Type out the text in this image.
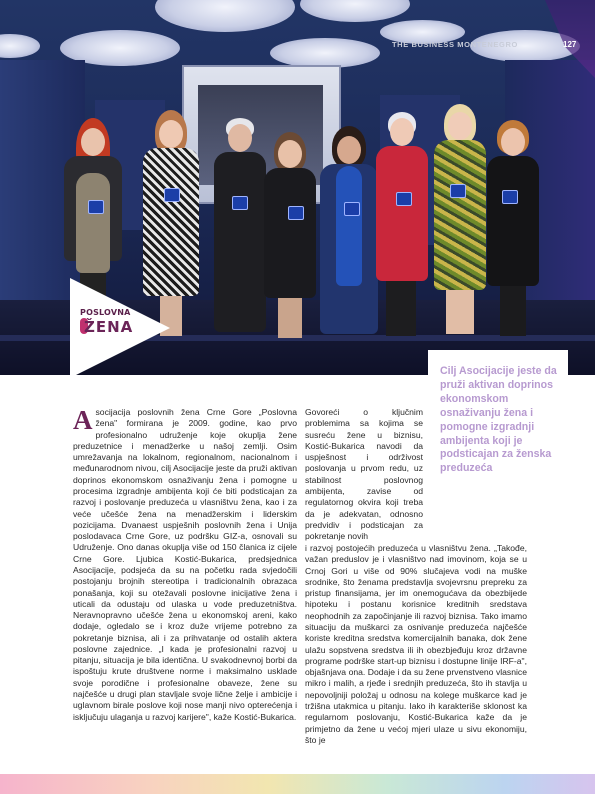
THE BUSINESS MONTENEGRO	127
POSLOVNA
ŽENA
Cilj Asocijacije jeste da pruži aktivan doprinos ekonomskom osnaživanju žena i pomogne izgradnji ambijenta koji je podsticajan za ženska preduzeća
Asocijacija poslovnih žena Crne Gore „Poslovna žena" formirana je 2009. godine, kao prvo profesionalno udruženje koje okuplja žene preduzetnice i menadžerke u našoj zemlji. Osim umrežavanja na lokalnom, regionalnom, nacionalnom i međunarodnom nivou, cilj Asocijacije jeste da pruži aktivan doprinos ekonomskom osnaživanju žena i pomogne u procesima izgradnje ambijenta koji će biti podsticajan za razvoj i poslovanje preduzeća u vlasništvu žena, kao i za veće učešće žena na menadžerskim i liderskim pozicijama. Dvanaest uspješnih poslovnih žena i Unija poslodavaca Crne Gore, uz podršku GIZ-a, osnovali su Udruženje. Ono danas okuplja više od 150 članica iz cijele Crne Gore. Ljubica Kostić-Bukarica, predsjednica Asocijacije, podsjeća da su na početku rada svjedočili postojanju brojnih stereotipa i tradicionalnih obrazaca ponašanja, koji su otežavali poslovne inicijative žena i uticali da odustaju od ulaska u vode preduzetništva. Neravnopravno učešće žena u ekonomskoj areni, kako dodaje, ogledalo se i kroz duže vrijeme potrebno za pokretanje biznisa, ali i za prihvatanje od ostalih aktera poslovne zajednice. „I kada je profesionalni razvoj u pitanju, situacija je bila identična. U svakodnevnoj borbi da ispoštuju krute društvene norme i maksimalno usklade svoje porodične i profesionalne obaveze, žene su najčešće u drugi plan stavljale svoje lične želje i ambicije i uglavnom birale poslove koji nose manji nivo opterećenja i isključuju ulaganja u razvoj karijere", kaže Kostić-Bukarica.
Govoreći o ključnim problemima sa kojima se susreću žene u biznisu, Kostić-Bukarica navodi da uspješnost i održivost poslovanja u prvom redu, uz stabilnost poslovnog ambijenta, zavise od regulatornog okvira koji treba da je adekvatan, odnosno predvidiv i podsticajan za pokretanje novih
i razvoj postojećih preduzeća u vlasništvu žena. „Takođe, važan preduslov je i vlasništvo nad imovinom, koja se u Crnoj Gori u više od 90% slučajeva vodi na muške srodnike, što ženama predstavlja svojevrsnu prepreku za pristup finansijama, jer im onemogućava da obezbijede hipoteku i postanu korisnice kreditnih sredstava neophodnih za započinjanje ili razvoj biznisa. Tako imamo situaciju da muškarci za osnivanje preduzeća najčešće koriste kreditna sredstva komercijalnih banaka, dok žene ulažu sopstvena sredstva ili ih obezbjeđuju kroz državne programe podrške start-up biznisu i dostupne linije IRF-a", objašnjava ona. Dodaje i da su žene prvenstveno vlasnice mikro i malih, a rjeđe i srednjih preduzeća, što ih stavlja u nepovoljniji položaj u odnosu na kolege muškarce kad je tržišna utakmica u pitanju. Iako ih karakteriše sklonost ka regularnom poslovanju, Kostić-Bukarica kaže da je primjetno da žene u većoj mjeri ulaze u sivu ekonomiju, što je
